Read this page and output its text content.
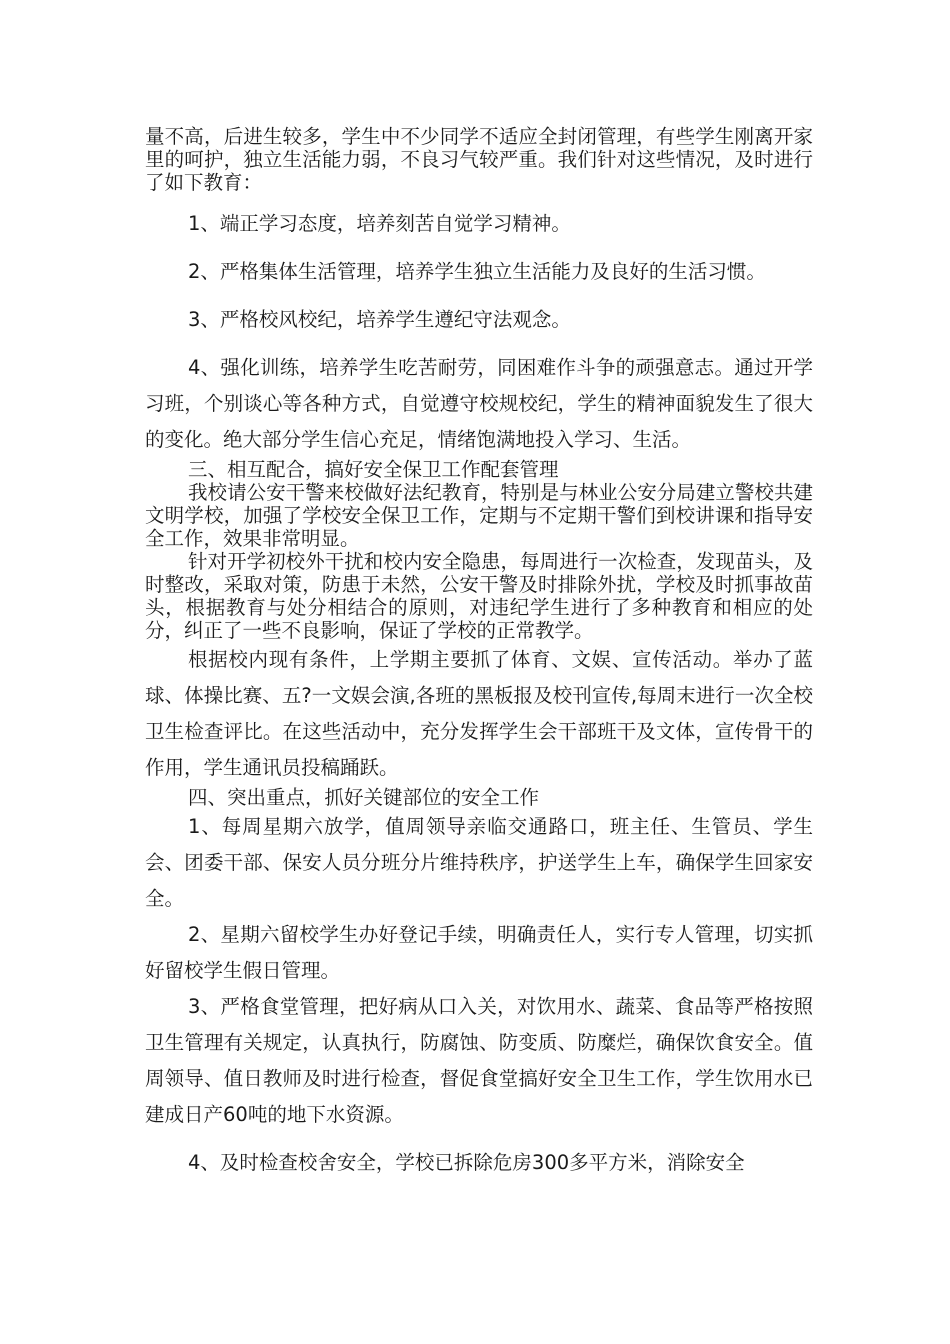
量不高，后进生较多，学生中不少同学不适应全封闭管理，有些学生刚离开家里的呵护，独立生活能力弱，不良习气较严重。我们针对这些情况，及时进行了如下教育：

1、端正学习态度，培养刻苦自觉学习精神。

2、严格集体生活管理，培养学生独立生活能力及良好的生活习惯。

3、严格校风校纪，培养学生遵纪守法观念。

4、强化训练，培养学生吃苦耐劳，同困难作斗争的顽强意志。通过开学习班，个别谈心等各种方式，自觉遵守校规校纪，学生的精神面貌发生了很大的变化。绝大部分学生信心充足，情绪饱满地投入学习、生活。

三、相互配合，搞好安全保卫工作配套管理

我校请公安干警来校做好法纪教育，特别是与林业公安分局建立警校共建文明学校，加强了学校安全保卫工作，定期与不定期干警们到校讲课和指导安全工作，效果非常明显。

针对开学初校外干扰和校内安全隐患，每周进行一次检查，发现苗头，及时整改，采取对策，防患于未然，公安干警及时排除外扰，学校及时抓事故苗头，根据教育与处分相结合的原则，对违纪学生进行了多种教育和相应的处分，纠正了一些不良影响，保证了学校的正常教学。

根据校内现有条件，上学期主要抓了体育、文娱、宣传活动。举办了蓝球、体操比赛、五?一文娱会演,各班的黑板报及校刊宣传,每周末进行一次全校卫生检查评比。在这些活动中，充分发挥学生会干部班干及文体，宣传骨干的作用，学生通讯员投稿踊跃。

四、突出重点，抓好关键部位的安全工作

1、每周星期六放学，值周领导亲临交通路口，班主任、生管员、学生会、团委干部、保安人员分班分片维持秩序，护送学生上车，确保学生回家安全。

2、星期六留校学生办好登记手续，明确责任人，实行专人管理，切实抓好留校学生假日管理。

3、严格食堂管理，把好病从口入关，对饮用水、蔬菜、食品等严格按照卫生管理有关规定，认真执行，防腐蚀、防变质、防糜烂，确保饮食安全。值周领导、值日教师及时进行检查，督促食堂搞好安全卫生工作，学生饮用水已建成日产60吨的地下水资源。

4、及时检查校舍安全，学校已拆除危房300多平方米，消除安全
